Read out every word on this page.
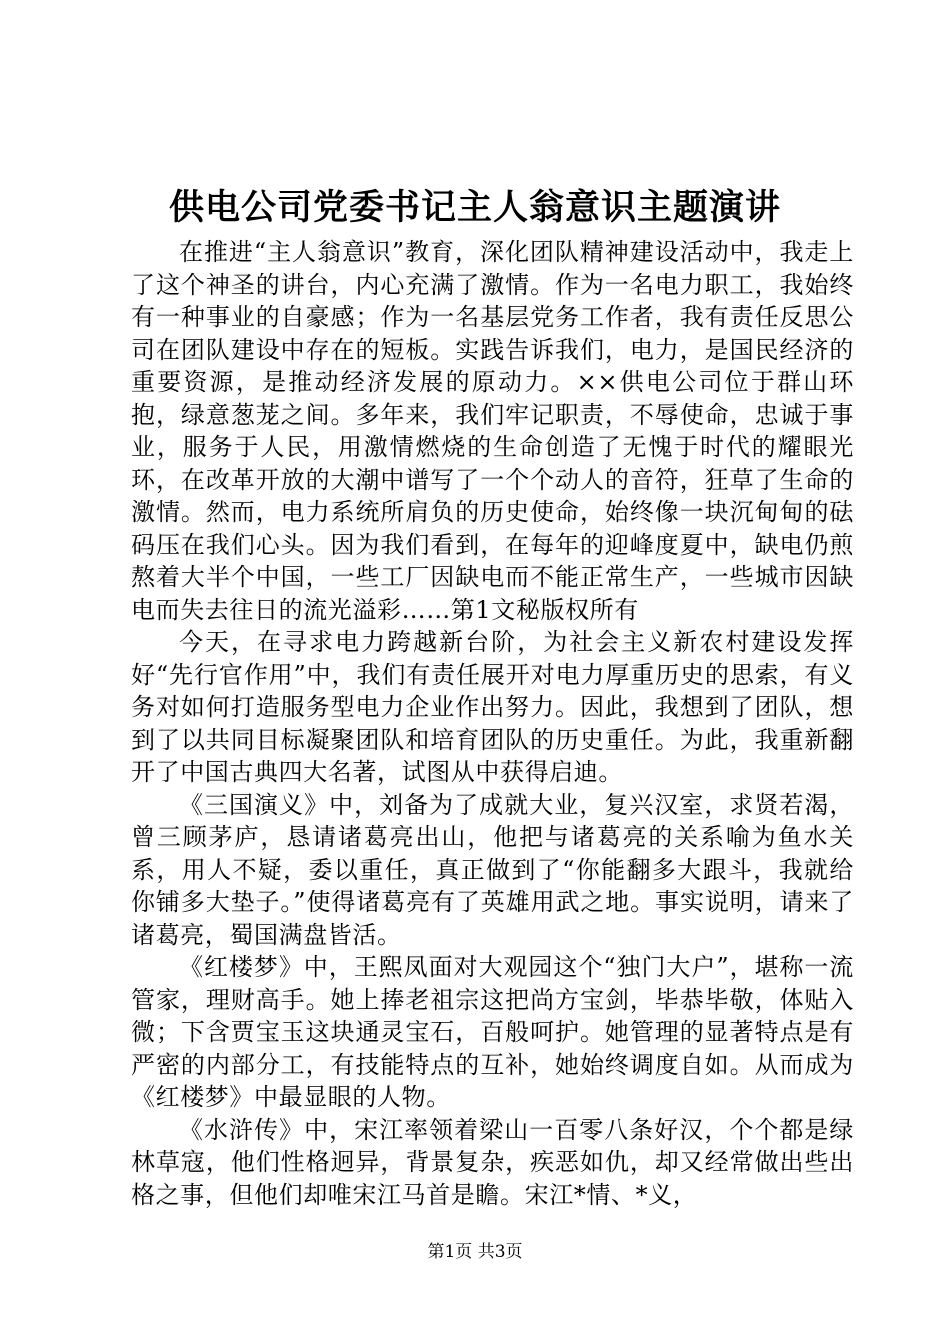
供电公司党委书记主人翁意识主题演讲

在推进“主人翁意识”教育，深化团队精神建设活动中，我走上了这个神圣的讲台，内心充满了激情。作为一名电力职工，我始终有一种事业的自豪感；作为一名基层党务工作者，我有责任反思公司在团队建设中存在的短板。实践告诉我们，电力，是国民经济的重要资源，是推动经济发展的原动力。××供电公司位于群山环抱，绿意葱茏之间。多年来，我们牢记职责，不辱使命，忠诚于事业，服务于人民，用激情燃烧的生命创造了无愧于时代的耀眼光环，在改革开放的大潮中谱写了一个个动人的音符，狂草了生命的激情。然而，电力系统所肩负的历史使命，始终像一块沉甸甸的砝码压在我们心头。因为我们看到，在每年的迎峰度夏中，缺电仍煎熬着大半个中国，一些工厂因缺电而不能正常生产，一些城市因缺电而失去往日的流光溢彩……第1文秘版权所有

今天，在寻求电力跨越新台阶，为社会主义新农村建设发挥好“先行官作用”中，我们有责任展开对电力厚重历史的思索，有义务对如何打造服务型电力企业作出努力。因此，我想到了团队，想到了以共同目标凝聚团队和培育团队的历史重任。为此，我重新翻开了中国古典四大名著，试图从中获得启迪。

《三国演义》中，刘备为了成就大业，复兴汉室，求贤若渴，曾三顾茅庐，恳请诸葛亮出山，他把与诸葛亮的关系喻为鱼水关系，用人不疑，委以重任，真正做到了“你能翻多大跟斗，我就给你铺多大垫子。”使得诸葛亮有了英雄用武之地。事实说明，请来了诸葛亮，蜀国满盘皆活。

《红楼梦》中，王熙凤面对大观园这个“独门大户”，堪称一流管家，理财高手。她上捧老祖宗这把尚方宝剑，毕恭毕敬，体贴入微；下含贾宝玉这块通灵宝石，百般呵护。她管理的显著特点是有严密的内部分工，有技能特点的互补，她始终调度自如。从而成为《红楼梦》中最显眼的人物。

《水浒传》中，宋江率领着梁山一百零八条好汉，个个都是绿林草寇，他们性格迥异，背景复杂，疾恶如仇，却又经常做出些出格之事，但他们却唯宋江马首是瞻。宋江*情、*义，

第1页 共3页
